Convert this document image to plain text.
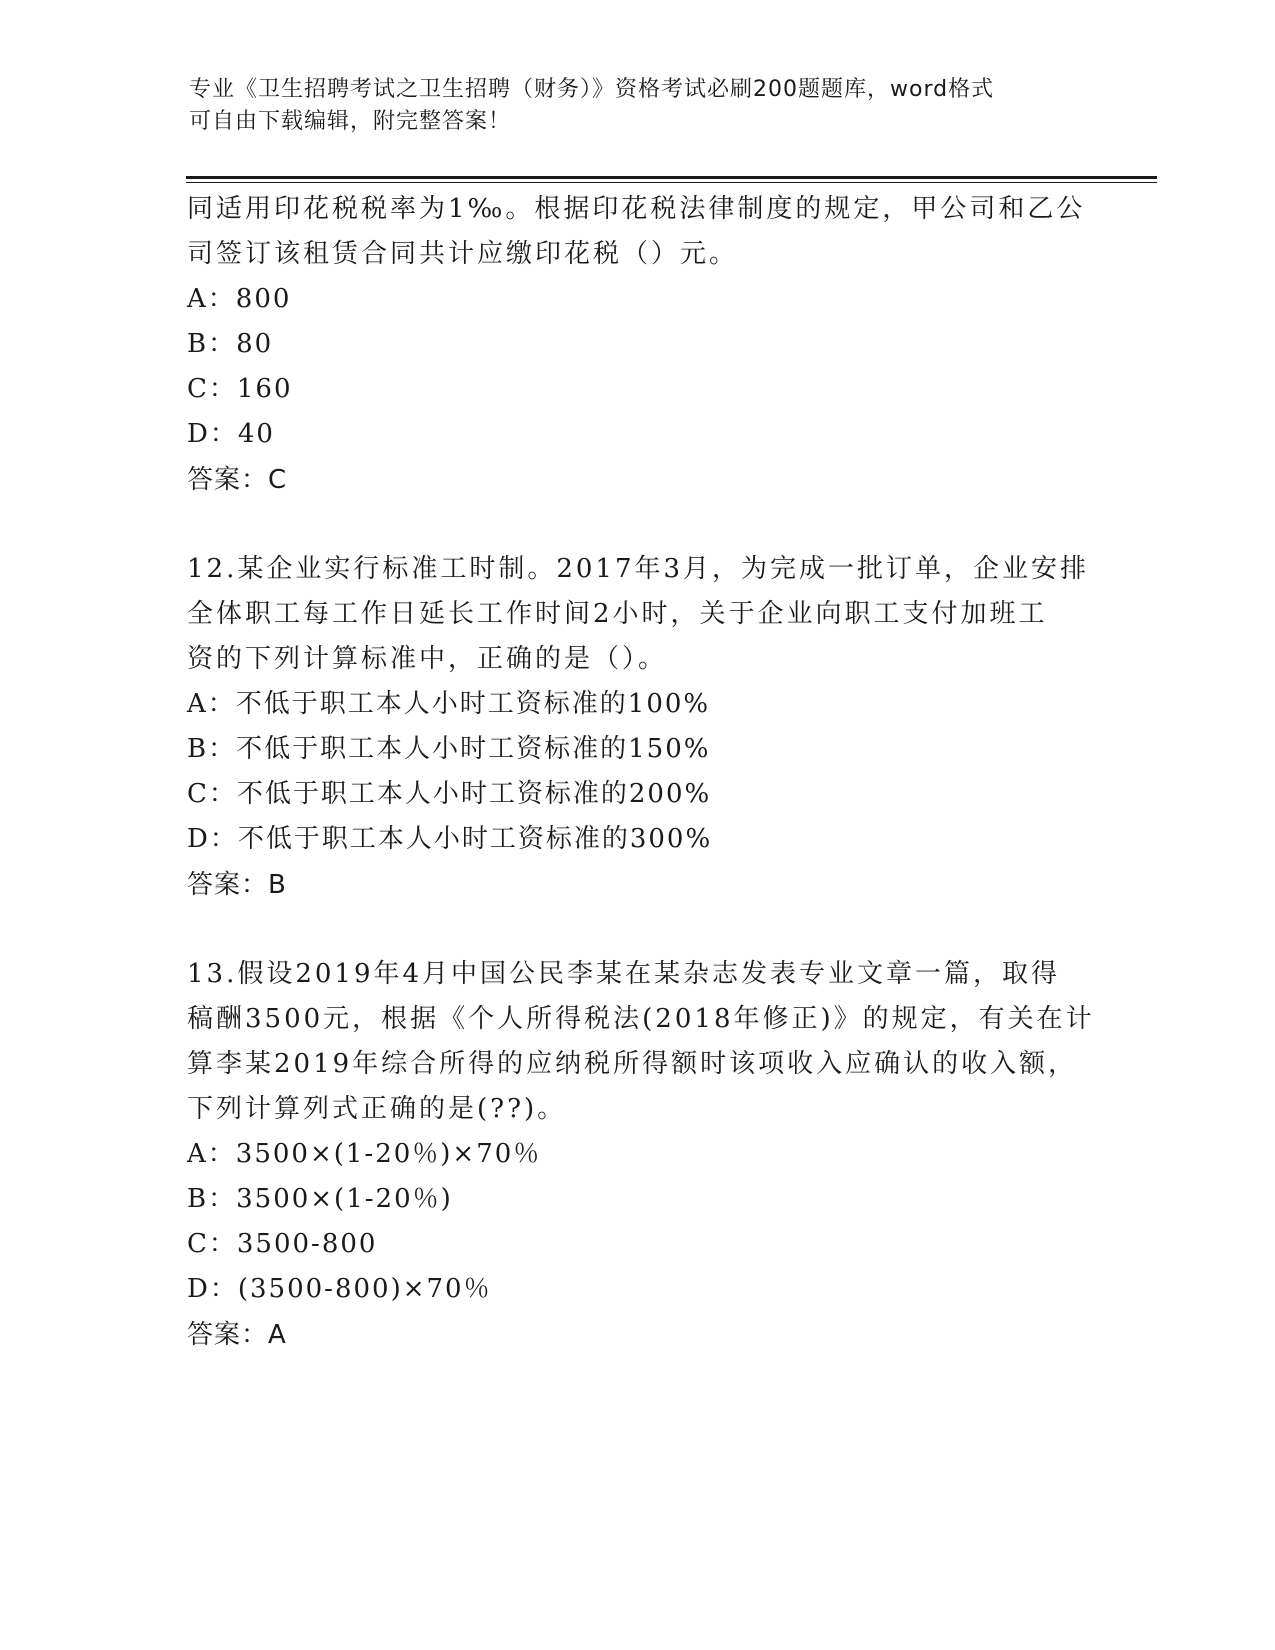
专业《卫生招聘考试之卫生招聘（财务）》资格考试必刷200题题库，word格式
可自由下载编辑，附完整答案！
同适用印花税税率为1‰。根据印花税法律制度的规定，甲公司和乙公
司签订该租赁合同共计应缴印花税（）元。
A：800
B：80
C：160
D：40
答案：C
12.某企业实行标准工时制。2017年3月，为完成一批订单，企业安排
全体职工每工作日延长工作时间2小时，关于企业向职工支付加班工
资的下列计算标准中，正确的是（）。
A：不低于职工本人小时工资标准的100%
B：不低于职工本人小时工资标准的150%
C：不低于职工本人小时工资标准的200%
D：不低于职工本人小时工资标准的300%
答案：B
13.假设2019年4月中国公民李某在某杂志发表专业文章一篇，取得
稿酬3500元，根据《个人所得税法(2018年修正)》的规定，有关在计
算李某2019年综合所得的应纳税所得额时该项收入应确认的收入额，
下列计算列式正确的是(??)。
A：3500×(1-20％)×70％
B：3500×(1-20％)
C：3500-800
D：(3500-800)×70％
答案：A
